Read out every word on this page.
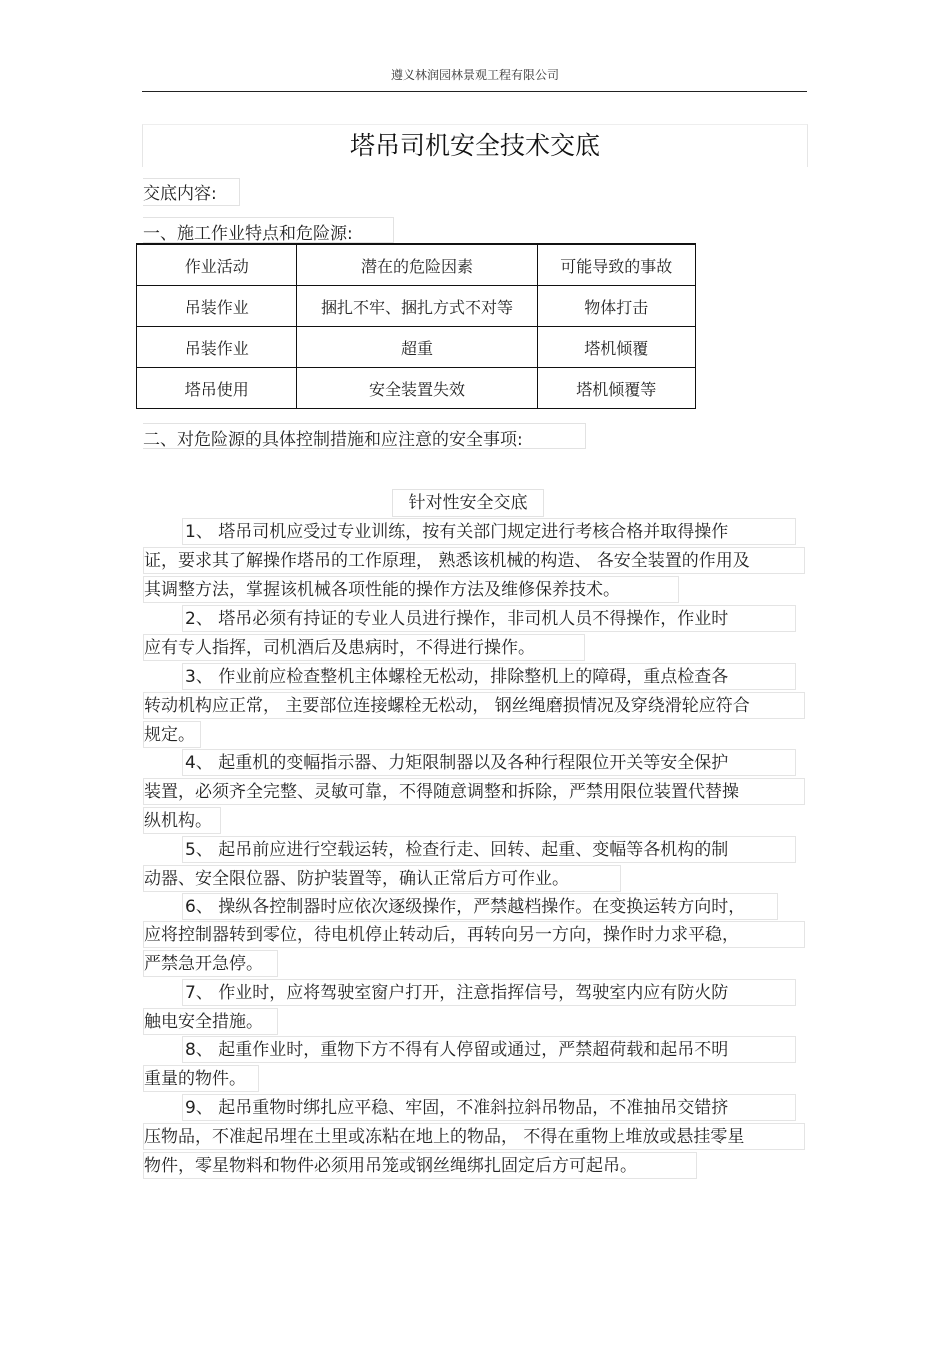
遵义林润园林景观工程有限公司
塔吊司机安全技术交底
交底内容:
一、施工作业特点和危险源:
作业活动	潜在的危险因素	可能导致的事故
吊装作业	捆扎不牢、捆扎方式不对等	物体打击
吊装作业	超重	塔机倾覆
塔吊使用	安全装置失效	塔机倾覆等
二、对危险源的具体控制措施和应注意的安全事项:
针对性安全交底
1、 塔吊司机应受过专业训练，按有关部门规定进行考核合格并取得操作
证，要求其了解操作塔吊的工作原理， 熟悉该机械的构造、 各安全装置的作用及
其调整方法，掌握该机械各项性能的操作方法及维修保养技术。
2、 塔吊必须有持证的专业人员进行操作，非司机人员不得操作，作业时
应有专人指挥，司机酒后及患病时，不得进行操作。
3、 作业前应检查整机主体螺栓无松动，排除整机上的障碍，重点检查各
转动机构应正常， 主要部位连接螺栓无松动， 钢丝绳磨损情况及穿绕滑轮应符合
规定。
4、 起重机的变幅指示器、力矩限制器以及各种行程限位开关等安全保护
装置，必须齐全完整、灵敏可靠，不得随意调整和拆除，严禁用限位装置代替操
纵机构。
5、 起吊前应进行空载运转，检查行走、回转、起重、变幅等各机构的制
动器、安全限位器、防护装置等，确认正常后方可作业。
6、 操纵各控制器时应依次逐级操作，严禁越档操作。在变换运转方向时，
应将控制器转到零位，待电机停止转动后，再转向另一方向，操作时力求平稳，
严禁急开急停。
7、 作业时，应将驾驶室窗户打开，注意指挥信号，驾驶室内应有防火防
触电安全措施。
8、 起重作业时，重物下方不得有人停留或通过，严禁超荷载和起吊不明
重量的物件。
9、 起吊重物时绑扎应平稳、牢固，不准斜拉斜吊物品，不准抽吊交错挤
压物品，不准起吊埋在土里或冻粘在地上的物品， 不得在重物上堆放或悬挂零星
物件，零星物料和物件必须用吊笼或钢丝绳绑扎固定后方可起吊。
